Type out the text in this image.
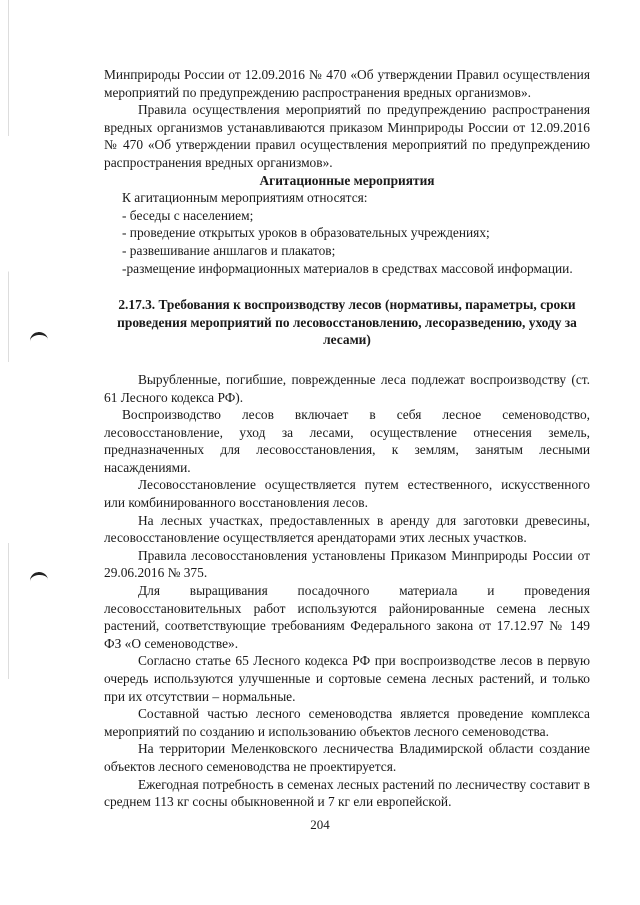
Минприроды России от 12.09.2016 № 470 «Об утверждении Правил осуществления мероприятий по предупреждению распространения вредных организмов».

Правила осуществления мероприятий по предупреждению распространения вредных организмов устанавливаются приказом Минприроды России от 12.09.2016 № 470 «Об утверждении правил осуществления мероприятий по предупреждению распространения вредных организмов».

Агитационные мероприятия

К агитационным мероприятиям относятся:

- беседы с населением;

- проведение открытых уроков в образовательных учреждениях;

- развешивание аншлагов и плакатов;

-размещение информационных материалов в средствах массовой информации.

2.17.3. Требования к воспроизводству лесов (нормативы, параметры, сроки проведения мероприятий по лесовосстановлению, лесоразведению, уходу за лесами)

Вырубленные, погибшие, поврежденные леса подлежат воспроизводству (ст. 61 Лесного кодекса РФ).

Воспроизводство лесов включает в себя лесное семеноводство, лесовосстановление, уход за лесами, осуществление отнесения земель, предназначенных для лесовосстановления, к землям, занятым лесными насаждениями.

Лесовосстановление осуществляется путем естественного, искусственного или комбинированного восстановления лесов.

На лесных участках, предоставленных в аренду для заготовки древесины, лесовосстановление осуществляется арендаторами этих лесных участков.

Правила лесовосстановления установлены Приказом Минприроды России от 29.06.2016 № 375.

Для выращивания посадочного материала и проведения лесовосстановительных работ используются районированные семена лесных растений, соответствующие требованиям Федерального закона от 17.12.97 № 149 ФЗ «О семеноводстве».

Согласно статье 65 Лесного кодекса РФ при воспроизводстве лесов в первую очередь используются улучшенные и сортовые семена лесных растений, и только при их отсутствии – нормальные.

Составной частью лесного семеноводства является проведение комплекса мероприятий по созданию и использованию объектов лесного семеноводства.

На территории Меленковского лесничества Владимирской области создание объектов лесного семеноводства не проектируется.

Ежегодная потребность в семенах лесных растений по лесничеству составит в среднем 113 кг сосны обыкновенной и 7 кг ели европейской.

204
